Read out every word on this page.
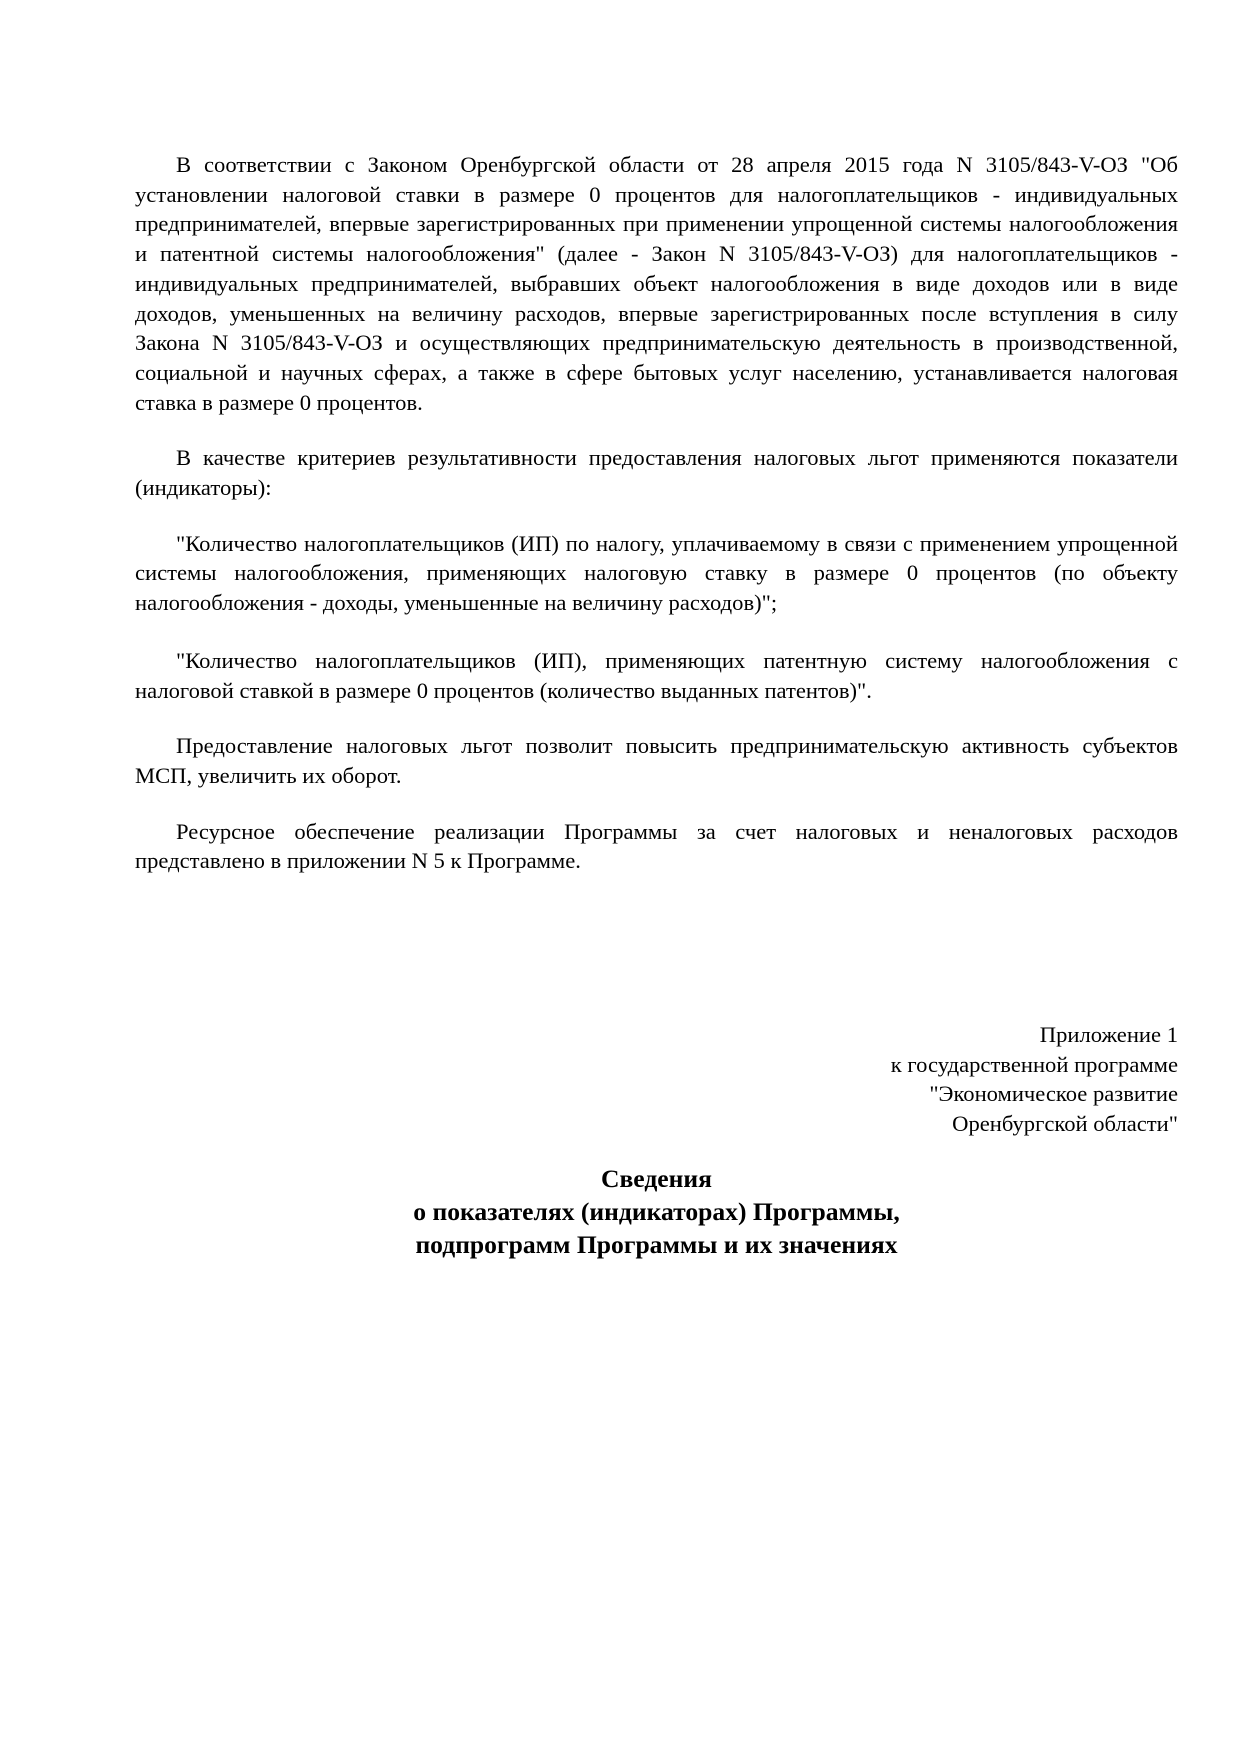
В соответствии с Законом Оренбургской области от 28 апреля 2015 года N 3105/843-V-ОЗ "Об установлении налоговой ставки в размере 0 процентов для налогоплательщиков - индивидуальных предпринимателей, впервые зарегистрированных при применении упрощенной системы налогообложения и патентной системы налогообложения" (далее - Закон N 3105/843-V-ОЗ) для налогоплательщиков - индивидуальных предпринимателей, выбравших объект налогообложения в виде доходов или в виде доходов, уменьшенных на величину расходов, впервые зарегистрированных после вступления в силу Закона N 3105/843-V-ОЗ и осуществляющих предпринимательскую деятельность в производственной, социальной и научных сферах, а также в сфере бытовых услуг населению, устанавливается налоговая ставка в размере 0 процентов.

В качестве критериев результативности предоставления налоговых льгот применяются показатели (индикаторы):

"Количество налогоплательщиков (ИП) по налогу, уплачиваемому в связи с применением упрощенной системы налогообложения, применяющих налоговую ставку в размере 0 процентов (по объекту налогообложения - доходы, уменьшенные на величину расходов)";

"Количество налогоплательщиков (ИП), применяющих патентную систему налогообложения с налоговой ставкой в размере 0 процентов (количество выданных патентов)".

Предоставление налоговых льгот позволит повысить предпринимательскую активность субъектов МСП, увеличить их оборот.

Ресурсное обеспечение реализации Программы за счет налоговых и неналоговых расходов представлено в приложении N 5 к Программе.

Приложение 1
к государственной программе
"Экономическое развитие
Оренбургской области"
Сведения
о показателях (индикаторах) Программы,
подпрограмм Программы и их значениях
